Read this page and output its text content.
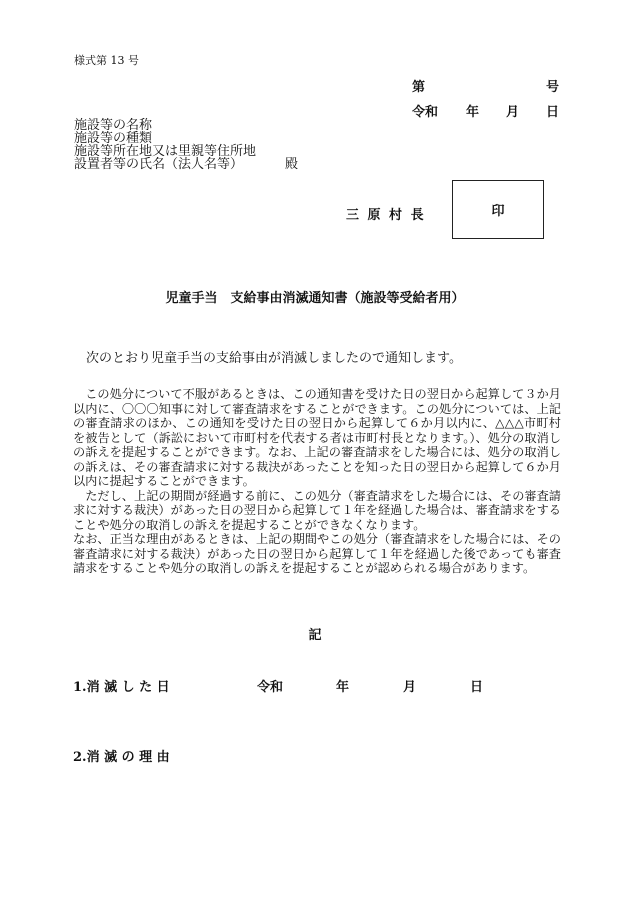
様式第 13 号
第	号
令和 年 月 日
施設等の名称
施設等の種類
施設等所在地又は里親等住所地
設置者等の氏名（法人名等）	殿
三 原 村 長	印
児童手当　支給事由消滅通知書（施設等受給者用）
次のとおり児童手当の支給事由が消滅しましたので通知します。

この処分について不服があるときは、この通知書を受けた日の翌日から起算して３か月以内に、〇〇〇知事に対して審査請求をすることができます。この処分については、上記の審査請求のほか、この通知を受けた日の翌日から起算して６か月以内に、△△△市町村を被告として（訴訟において市町村を代表する者は市町村長となります。）、処分の取消しの訴えを提起することができます。なお、上記の審査請求をした場合には、処分の取消しの訴えは、その審査請求に対する裁決があったことを知った日の翌日から起算して６か月以内に提起することができます。

ただし、上記の期間が経過する前に、この処分（審査請求をした場合には、その審査請求に対する裁決）があった日の翌日から起算して１年を経過した場合は、審査請求をすることや処分の取消しの訴えを提起することができなくなります。

なお、正当な理由があるときは、上記の期間やこの処分（審査請求をした場合には、その審査請求に対する裁決）があった日の翌日から起算して１年を経過した後であっても審査請求をすることや処分の取消しの訴えを提起することが認められる場合があります。

記
1.消 滅 し た 日	令和	年	月	日
2.消 滅 の 理 由
